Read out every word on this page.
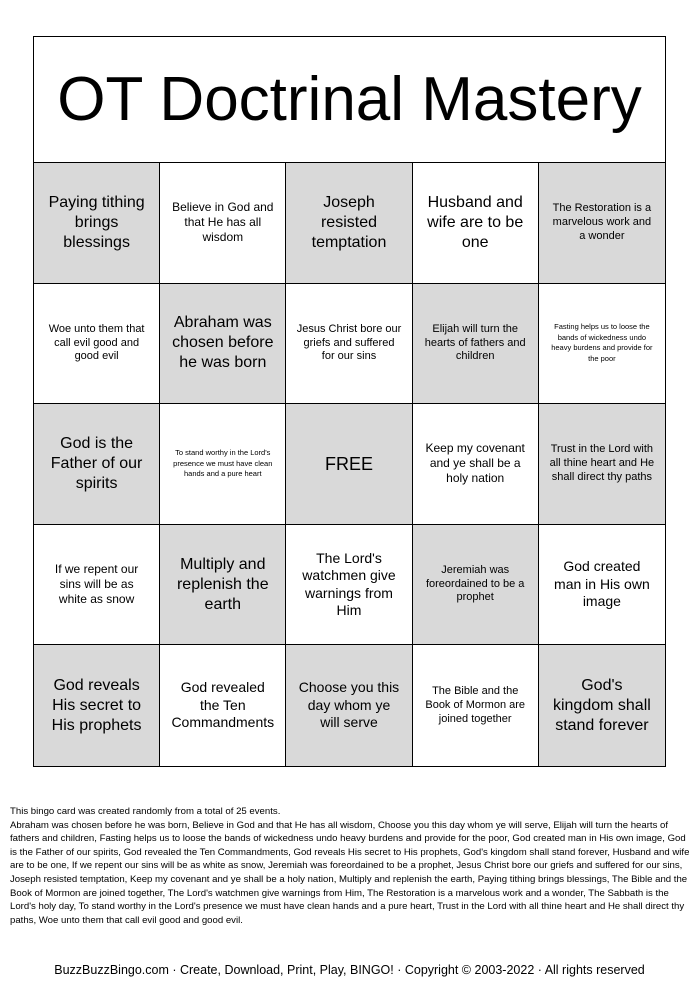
OT Doctrinal Mastery
Paying tithing brings blessings
Believe in God and that He has all wisdom
Joseph resisted temptation
Husband and wife are to be one
The Restoration is a marvelous work and a wonder
Woe unto them that call evil good and good evil
Abraham was chosen before he was born
Jesus Christ bore our griefs and suffered for our sins
Elijah will turn the hearts of fathers and children
Fasting helps us to loose the bands of wickedness undo heavy burdens and provide for the poor
God is the Father of our spirits
To stand worthy in the Lord's presence we must have clean hands and a pure heart	FREE
Keep my covenant and ye shall be a holy nation
Trust in the Lord with all thine heart and He shall direct thy paths
If we repent our sins will be as white as snow
Multiply and replenish the earth
The Lord's watchmen give warnings from Him
Jeremiah was foreordained to be a prophet
God created man in His own image
God reveals His secret to His prophets
God revealed the Ten Commandments
Choose you this day whom ye will serve
The Bible and the Book of Mormon are joined together
God's kingdom shall stand forever

This bingo card was created randomly from a total of 25 events.

Abraham was chosen before he was born, Believe in God and that He has all wisdom, Choose you this day whom ye will serve, Elijah will turn the hearts of fathers and children, Fasting helps us to loose the bands of wickedness undo heavy burdens and provide for the poor, God created man in His own image, God is the Father of our spirits, God revealed the Ten Commandments, God reveals His secret to His prophets, God's kingdom shall stand forever, Husband and wife are to be one, If we repent our sins will be as white as snow, Jeremiah was foreordained to be a prophet, Jesus Christ bore our griefs and suffered for our sins, Joseph resisted temptation, Keep my covenant and ye shall be a holy nation, Multiply and replenish the earth, Paying tithing brings blessings, The Bible and the Book of Mormon are joined together, The Lord's watchmen give warnings from Him, The Restoration is a marvelous work and a wonder, The Sabbath is the Lord's holy day, To stand worthy in the Lord's presence we must have clean hands and a pure heart, Trust in the Lord with all thine heart and He shall direct thy paths, Woe unto them that call evil good and good evil.

BuzzBuzzBingo.com · Create, Download, Print, Play, BINGO! · Copyright © 2003-2022 · All rights reserved
